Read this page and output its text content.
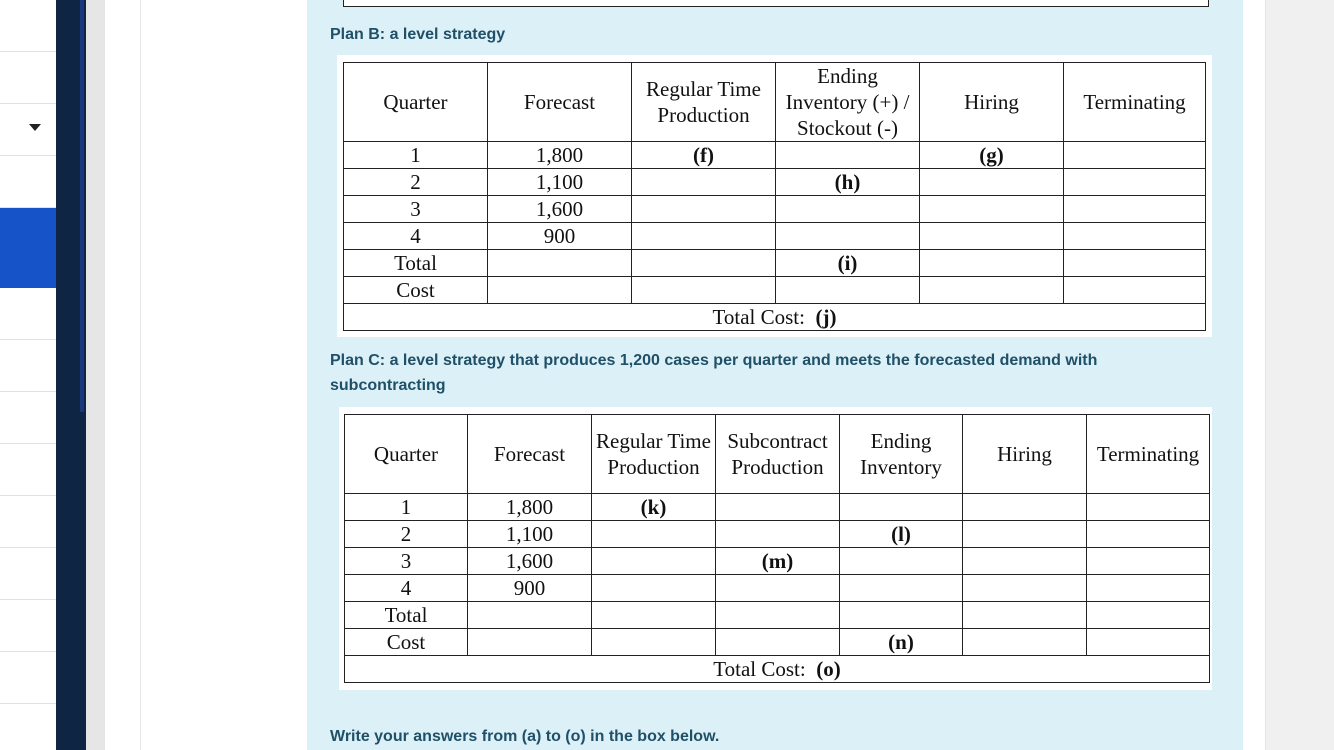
Plan B: a level strategy
Quarter	Forecast	Regular Time Production	Ending Inventory (+) / Stockout (-)	Hiring	Terminating
1	1,800	(f)		(g)	
2	1,100		(h)		
3	1,600				
4	900				
Total			(i)		
Cost					
Total Cost: (j)					
Plan C: a level strategy that produces 1,200 cases per quarter and meets the forecasted demand with subcontracting
Quarter	Forecast	Regular Time Production	Subcontract Production	Ending Inventory	Hiring	Terminating
1	1,800	(k)				
2	1,100			(l)		
3	1,600		(m)			
4	900					
Total						
Cost				(n)		
Total Cost: (o)						
Write your answers from (a) to (o) in the box below.
